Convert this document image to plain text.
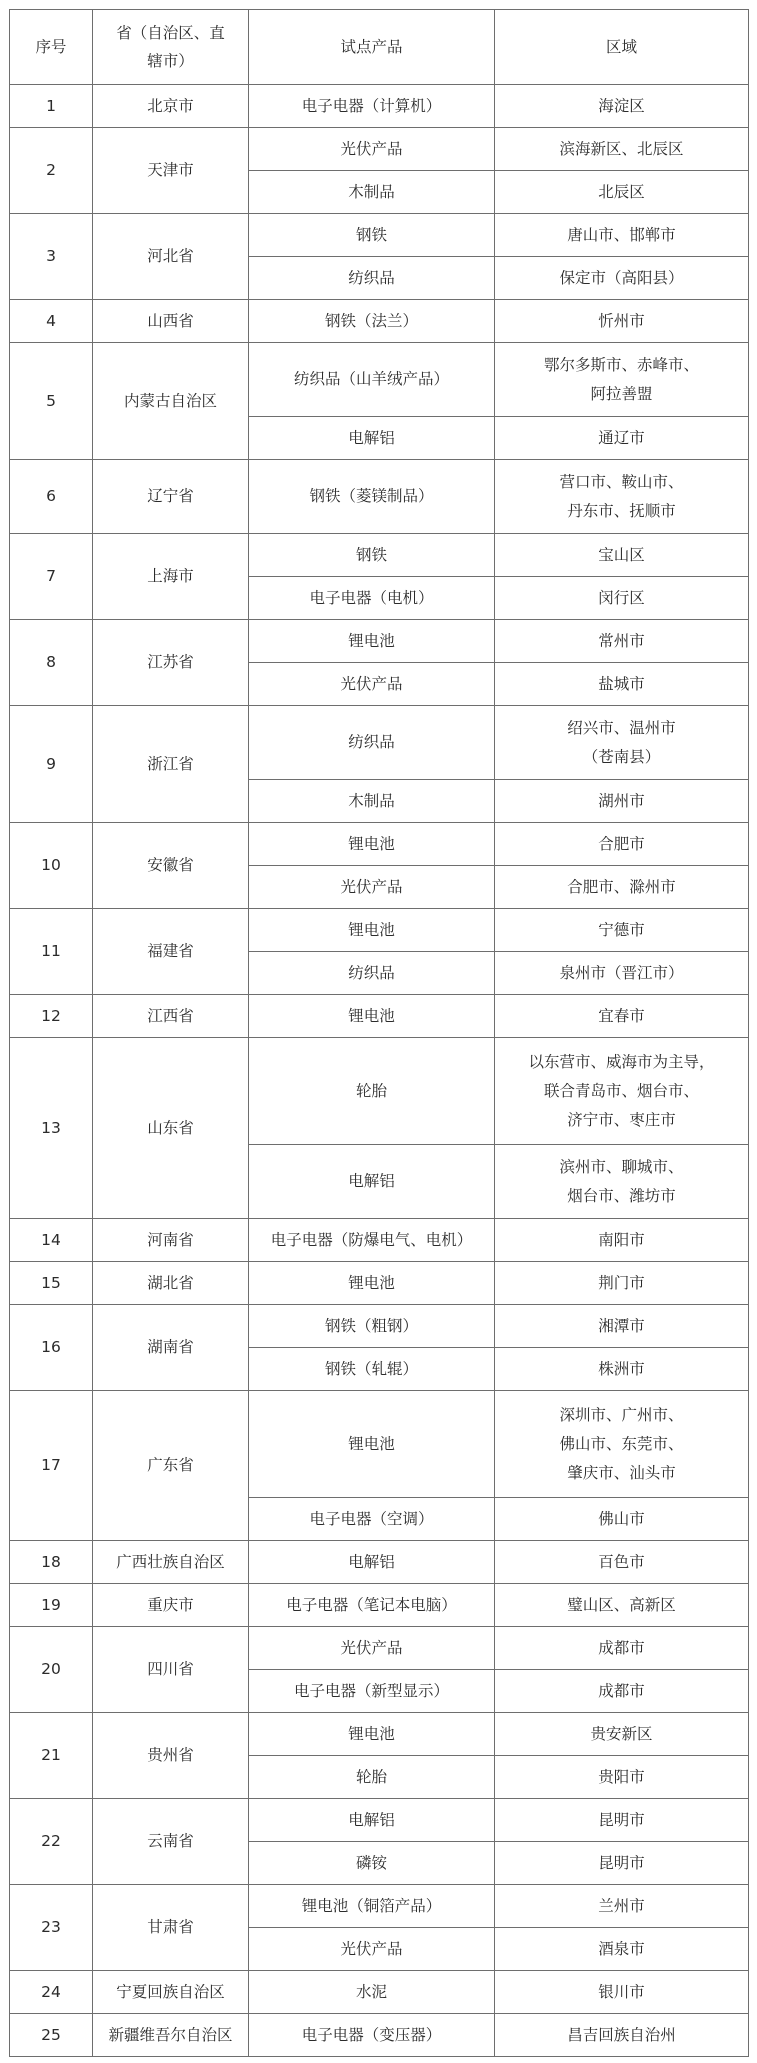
序号	省（自治区、直辖市）	试点产品	区域
1	北京市	电子电器（计算机）	海淀区
2	天津市	光伏产品	滨海新区、北辰区
		木制品	北辰区
3	河北省	钢铁	唐山市、邯郸市
		纺织品	保定市（高阳县）
4	山西省	钢铁（法兰）	忻州市
5	内蒙古自治区	纺织品（山羊绒产品）	鄂尔多斯市、赤峰市、
阿拉善盟
		电解铝	通辽市
6	辽宁省	钢铁（菱镁制品）	营口市、鞍山市、
丹东市、抚顺市
7	上海市	钢铁	宝山区
		电子电器（电机）	闵行区
8	江苏省	锂电池	常州市
		光伏产品	盐城市
9	浙江省	纺织品	绍兴市、温州市
（苍南县）
		木制品	湖州市
10	安徽省	锂电池	合肥市
		光伏产品	合肥市、滁州市
11	福建省	锂电池	宁德市
		纺织品	泉州市（晋江市）
12	江西省	锂电池	宜春市
13	山东省	轮胎	以东营市、威海市为主导，
联合青岛市、烟台市、
济宁市、枣庄市
		电解铝	滨州市、聊城市、
烟台市、潍坊市
14	河南省	电子电器（防爆电气、电机）	南阳市
15	湖北省	锂电池	荆门市
16	湖南省	钢铁（粗钢）	湘潭市
		钢铁（轧辊）	株洲市
17	广东省	锂电池	深圳市、广州市、
佛山市、东莞市、
肇庆市、汕头市
		电子电器（空调）	佛山市
18	广西壮族自治区	电解铝	百色市
19	重庆市	电子电器（笔记本电脑）	璧山区、高新区
20	四川省	光伏产品	成都市
		电子电器（新型显示）	成都市
21	贵州省	锂电池	贵安新区
		轮胎	贵阳市
22	云南省	电解铝	昆明市
		磷铵	昆明市
23	甘肃省	锂电池（铜箔产品）	兰州市
		光伏产品	酒泉市
24	宁夏回族自治区	水泥	银川市
25	新疆维吾尔自治区	电子电器（变压器）	昌吉回族自治州
